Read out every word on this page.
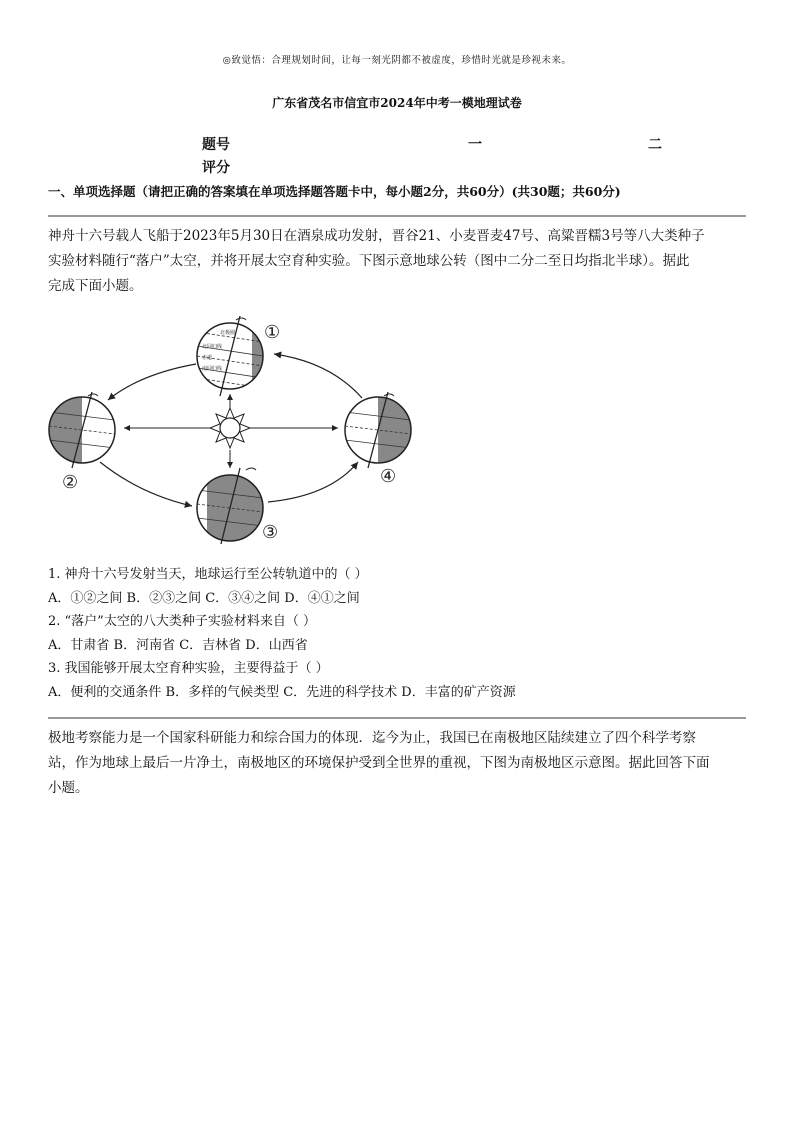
◎致觉悟：合理规划时间，让每一刻光阴都不被虚度，珍惜时光就是珍视未来。
广东省茂名市信宜市2024年中考一模地理试卷
题号	一	二
评分
一、单项选择题（请把正确的答案填在单项选择题答题卡中，每小题2分，共60分）(共30题；共60分)
神舟十六号载人飞船于2023年5月30日在酒泉成功发射，晋谷21、小麦晋麦47号、高粱晋糯3号等八大类种子
实验材料随行“落户”太空，并将开展太空育种实验。下图示意地球公转（图中二分二至日均指北半球）。据此
完成下面小题。
北极圈
北回归线
赤道
南回归线
①
②
③
④
1. 神舟十六号发射当天，地球运行至公转轨道中的（ ）
A．①②之间 B．②③之间 C．③④之间 D．④①之间
2. “落户”太空的八大类种子实验材料来自（ ）
A．甘肃省 B．河南省 C．吉林省 D．山西省
3. 我国能够开展太空育种实验，主要得益于（ ）
A．便利的交通条件 B．多样的气候类型 C．先进的科学技术 D．丰富的矿产资源
极地考察能力是一个国家科研能力和综合国力的体现．迄今为止，我国已在南极地区陆续建立了四个科学考察
站，作为地球上最后一片净土，南极地区的环境保护受到全世界的重视，下图为南极地区示意图。据此回答下面
小题。
